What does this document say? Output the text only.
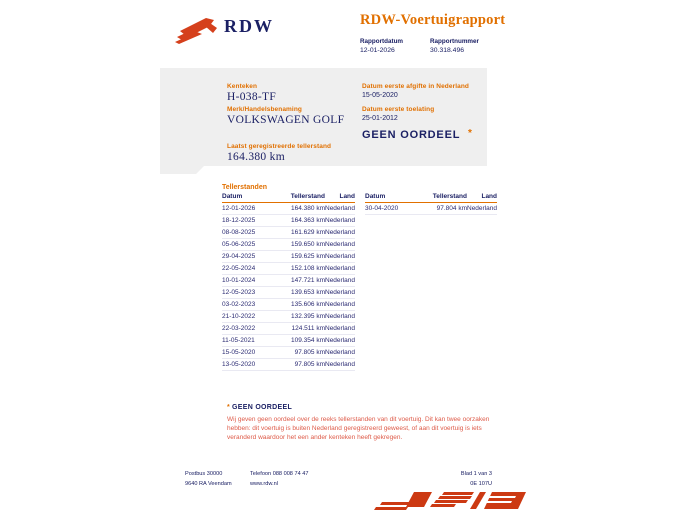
RDW	RDW-Voertuigrapport
Rapportdatum
12-01-2026
Rapportnummer
30.318.496
Kenteken
H-038-TF
Merk/Handelsbenaming
VOLKSWAGEN GOLF
Laatst geregistreerde tellerstand
164.380 km
Datum eerste afgifte in Nederland
15-05-2020
Datum eerste toelating
25-01-2012
GEEN OORDEEL *
Tellerstanden
Datum	Tellerstand	Land
12-01-2026	164.380 km	Nederland
18-12-2025	164.363 km	Nederland
08-08-2025	161.629 km	Nederland
05-06-2025	159.650 km	Nederland
29-04-2025	159.625 km	Nederland
22-05-2024	152.108 km	Nederland
10-01-2024	147.721 km	Nederland
12-05-2023	139.653 km	Nederland
03-02-2023	135.606 km	Nederland
21-10-2022	132.395 km	Nederland
22-03-2022	124.511 km	Nederland
11-05-2021	109.354 km	Nederland
15-05-2020	97.805 km	Nederland
13-05-2020	97.805 km	Nederland
Datum	Tellerstand	Land
30-04-2020	97.804 km	Nederland
* GEEN OORDEEL
Wij geven geen oordeel over de reeks tellerstanden van dit voertuig. Dit kan twee oorzaken hebben: dit voertuig is buiten Nederland geregistreerd geweest, of aan dit voertuig is iets veranderd waardoor het een ander kenteken heeft gekregen.
Postbus 30000
9640 RA Veendam
Telefoon 088 008 74 47
www.rdw.nl
Blad 1 van 3
0E 107U
